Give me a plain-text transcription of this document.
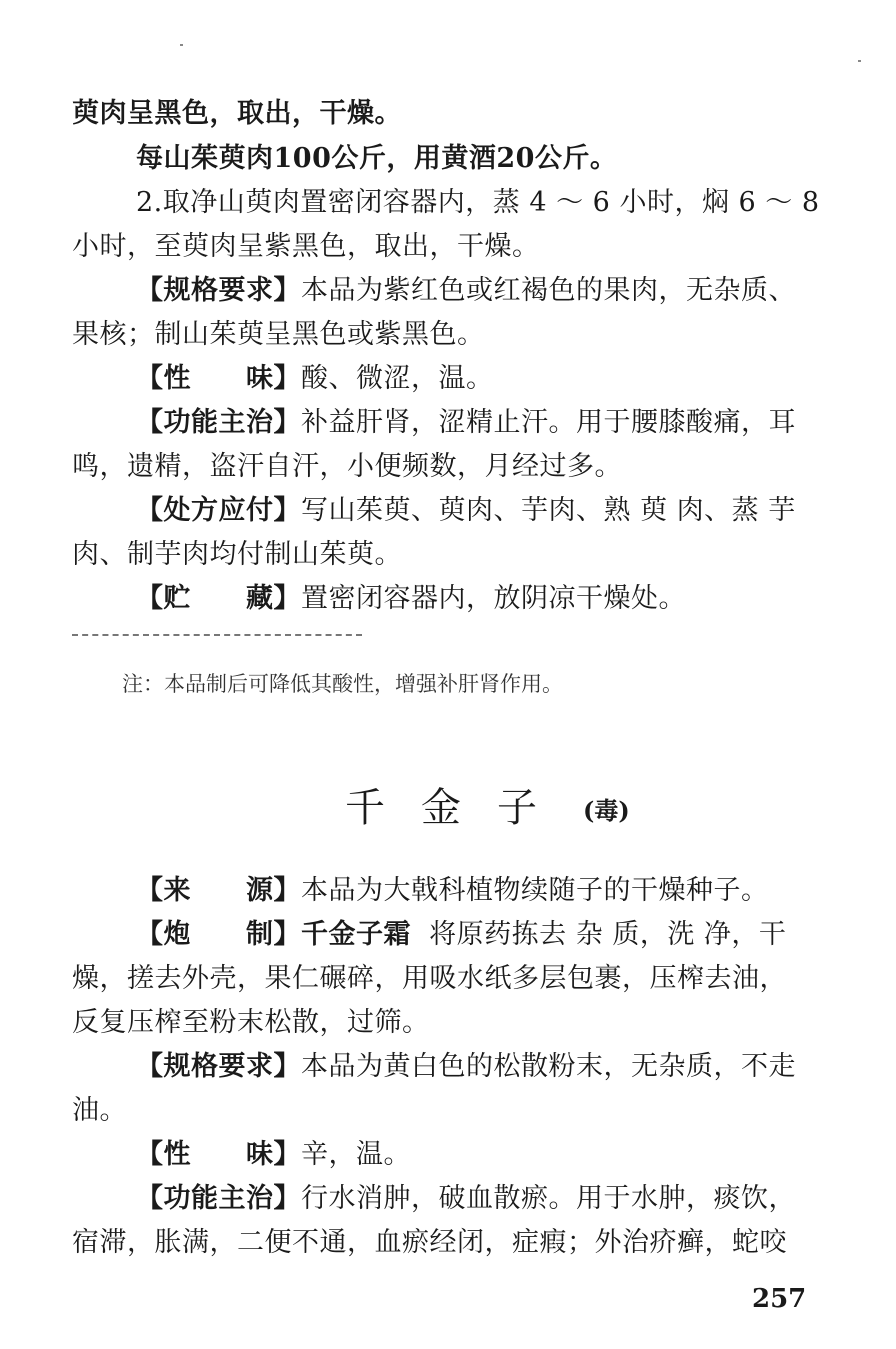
萸肉呈黑色，取出，干燥。
每山茱萸肉100公斤，用黄酒20公斤。
2.取净山萸肉置密闭容器内，蒸 4 ～ 6 小时，焖 6 ～ 8
小时，至萸肉呈紫黑色，取出，干燥。
【规格要求】本品为紫红色或红褐色的果肉，无杂质、
果核；制山茱萸呈黑色或紫黑色。
【性　　味】酸、微涩，温。
【功能主治】补益肝肾，涩精止汗。用于腰膝酸痛，耳
鸣，遗精，盗汗自汗，小便频数，月经过多。
【处方应付】写山茱萸、萸肉、芋肉、熟 萸 肉、蒸 芋
肉、制芋肉均付制山茱萸。
【贮　　藏】置密闭容器内，放阴凉干燥处。
注：本品制后可降低其酸性，增强补肝肾作用。
千金子 (毒)
【来　　源】本品为大戟科植物续随子的干燥种子。
【炮　　制】千金子霜 将原药拣去 杂 质，洗 净，干
燥，搓去外壳，果仁碾碎，用吸水纸多层包裹，压榨去油，
反复压榨至粉末松散，过筛。
【规格要求】本品为黄白色的松散粉末，无杂质，不走
油。
【性　　味】辛，温。
【功能主治】行水消肿，破血散瘀。用于水肿，痰饮，
宿滞，胀满，二便不通，血瘀经闭，症瘕；外治疥癣，蛇咬
257
